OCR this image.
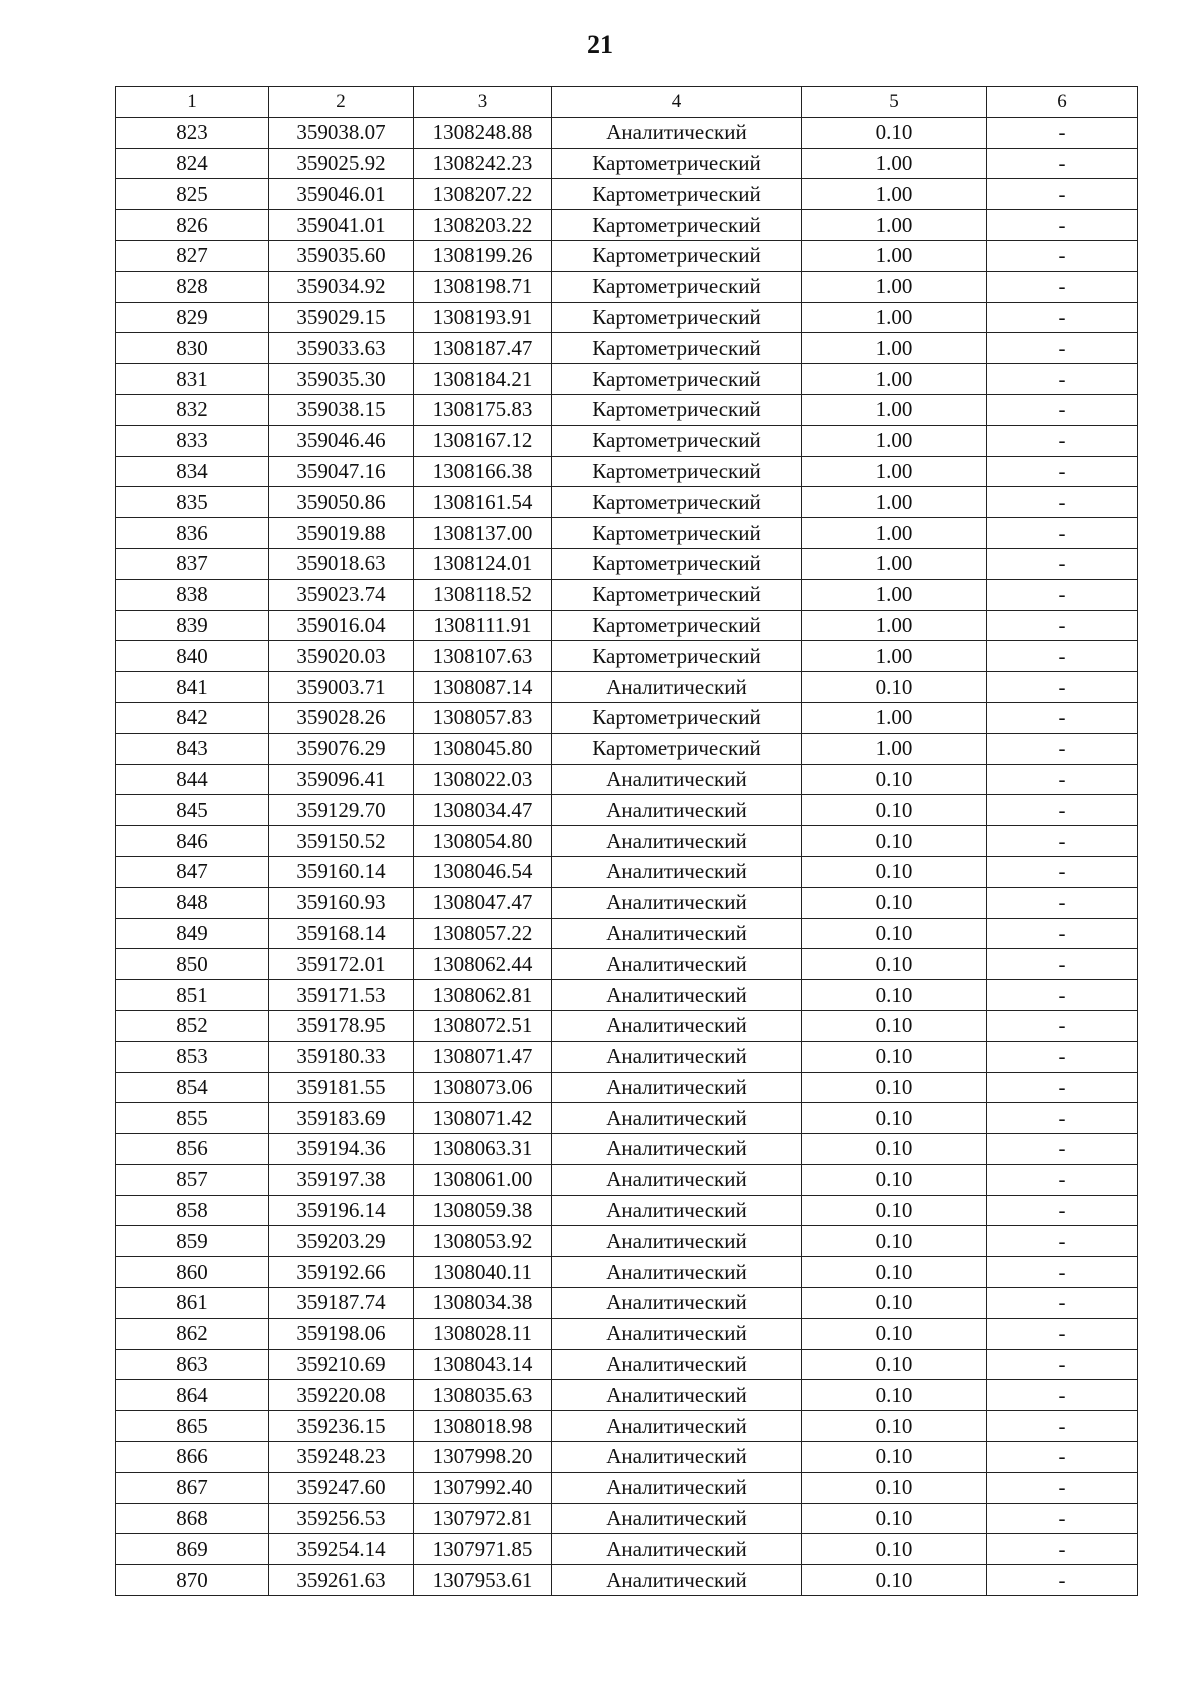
21
1	2	3	4	5	6
823	359038.07	1308248.88	Аналитический	0.10	-
824	359025.92	1308242.23	Картометрический	1.00	-
825	359046.01	1308207.22	Картометрический	1.00	-
826	359041.01	1308203.22	Картометрический	1.00	-
827	359035.60	1308199.26	Картометрический	1.00	-
828	359034.92	1308198.71	Картометрический	1.00	-
829	359029.15	1308193.91	Картометрический	1.00	-
830	359033.63	1308187.47	Картометрический	1.00	-
831	359035.30	1308184.21	Картометрический	1.00	-
832	359038.15	1308175.83	Картометрический	1.00	-
833	359046.46	1308167.12	Картометрический	1.00	-
834	359047.16	1308166.38	Картометрический	1.00	-
835	359050.86	1308161.54	Картометрический	1.00	-
836	359019.88	1308137.00	Картометрический	1.00	-
837	359018.63	1308124.01	Картометрический	1.00	-
838	359023.74	1308118.52	Картометрический	1.00	-
839	359016.04	1308111.91	Картометрический	1.00	-
840	359020.03	1308107.63	Картометрический	1.00	-
841	359003.71	1308087.14	Аналитический	0.10	-
842	359028.26	1308057.83	Картометрический	1.00	-
843	359076.29	1308045.80	Картометрический	1.00	-
844	359096.41	1308022.03	Аналитический	0.10	-
845	359129.70	1308034.47	Аналитический	0.10	-
846	359150.52	1308054.80	Аналитический	0.10	-
847	359160.14	1308046.54	Аналитический	0.10	-
848	359160.93	1308047.47	Аналитический	0.10	-
849	359168.14	1308057.22	Аналитический	0.10	-
850	359172.01	1308062.44	Аналитический	0.10	-
851	359171.53	1308062.81	Аналитический	0.10	-
852	359178.95	1308072.51	Аналитический	0.10	-
853	359180.33	1308071.47	Аналитический	0.10	-
854	359181.55	1308073.06	Аналитический	0.10	-
855	359183.69	1308071.42	Аналитический	0.10	-
856	359194.36	1308063.31	Аналитический	0.10	-
857	359197.38	1308061.00	Аналитический	0.10	-
858	359196.14	1308059.38	Аналитический	0.10	-
859	359203.29	1308053.92	Аналитический	0.10	-
860	359192.66	1308040.11	Аналитический	0.10	-
861	359187.74	1308034.38	Аналитический	0.10	-
862	359198.06	1308028.11	Аналитический	0.10	-
863	359210.69	1308043.14	Аналитический	0.10	-
864	359220.08	1308035.63	Аналитический	0.10	-
865	359236.15	1308018.98	Аналитический	0.10	-
866	359248.23	1307998.20	Аналитический	0.10	-
867	359247.60	1307992.40	Аналитический	0.10	-
868	359256.53	1307972.81	Аналитический	0.10	-
869	359254.14	1307971.85	Аналитический	0.10	-
870	359261.63	1307953.61	Аналитический	0.10	-
